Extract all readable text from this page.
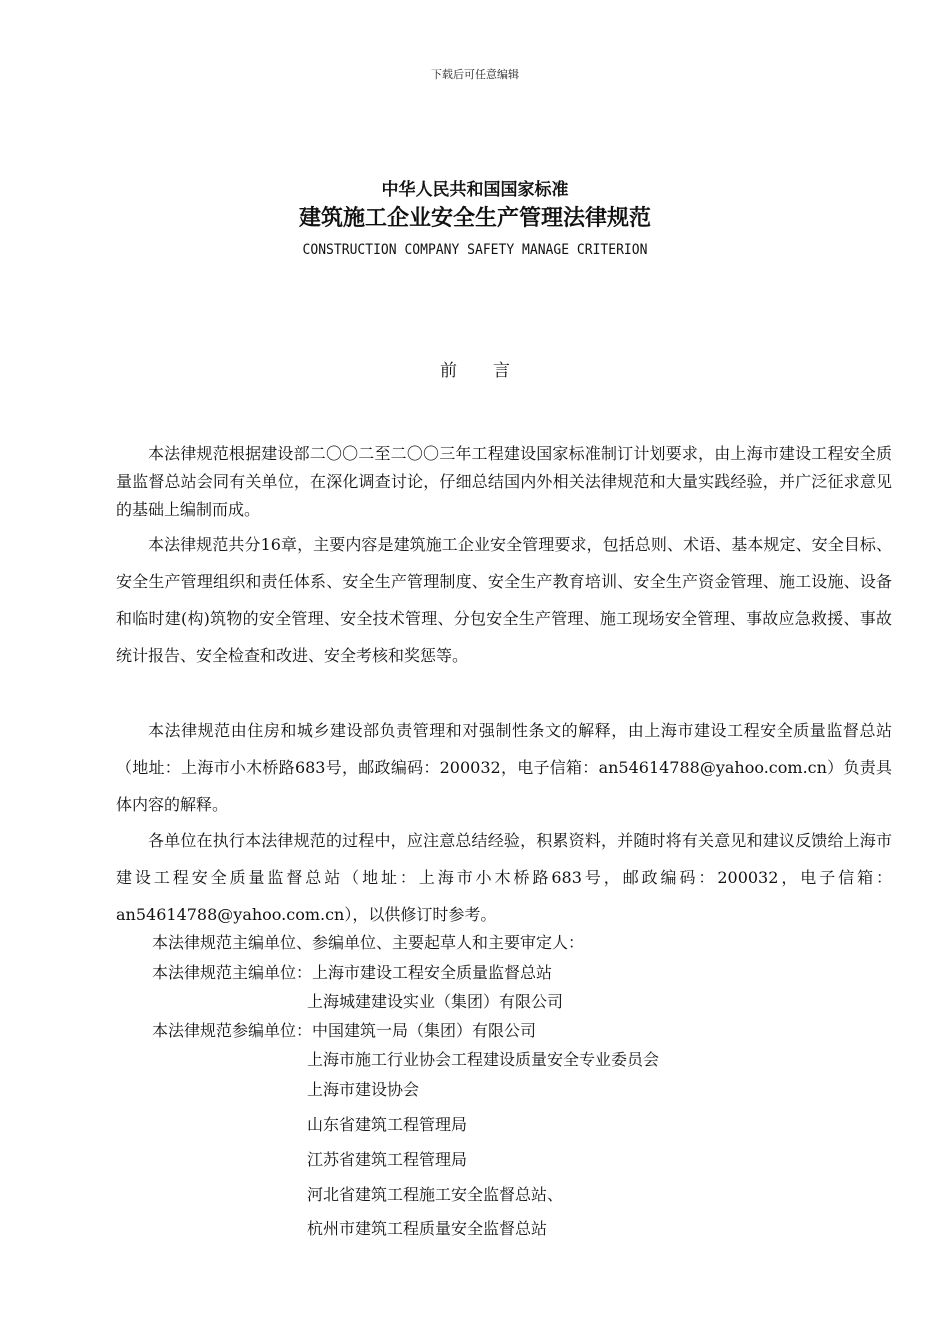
下载后可任意编辑
中华人民共和国国家标准
建筑施工企业安全生产管理法律规范
CONSTRUCTION COMPANY SAFETY MANAGE CRITERION
前言

本法律规范根据建设部二〇〇二至二〇〇三年工程建设国家标准制订计划要求，由上海市建设工程安全质量监督总站会同有关单位，在深化调查讨论，仔细总结国内外相关法律规范和大量实践经验，并广泛征求意见的基础上编制而成。

本法律规范共分16章，主要内容是建筑施工企业安全管理要求，包括总则、术语、基本规定、安全目标、安全生产管理组织和责任体系、安全生产管理制度、安全生产教育培训、安全生产资金管理、施工设施、设备和临时建(构)筑物的安全管理、安全技术管理、分包安全生产管理、施工现场安全管理、事故应急救援、事故统计报告、安全检查和改进、安全考核和奖惩等。

本法律规范由住房和城乡建设部负责管理和对强制性条文的解释，由上海市建设工程安全质量监督总站（地址：上海市小木桥路683号，邮政编码：200032，电子信箱：an54614788@yahoo.com.cn）负责具体内容的解释。

各单位在执行本法律规范的过程中，应注意总结经验，积累资料，并随时将有关意见和建议反馈给上海市建设工程安全质量监督总站（地址：上海市小木桥路683号，邮政编码：200032，电子信箱：an54614788@yahoo.com.cn），以供修订时参考。

本法律规范主编单位、参编单位、主要起草人和主要审定人：
本法律规范主编单位：上海市建设工程安全质量监督总站
上海城建建设实业（集团）有限公司
本法律规范参编单位：中国建筑一局（集团）有限公司
上海市施工行业协会工程建设质量安全专业委员会
上海市建设协会
山东省建筑工程管理局
江苏省建筑工程管理局
河北省建筑工程施工安全监督总站、
杭州市建筑工程质量安全监督总站
